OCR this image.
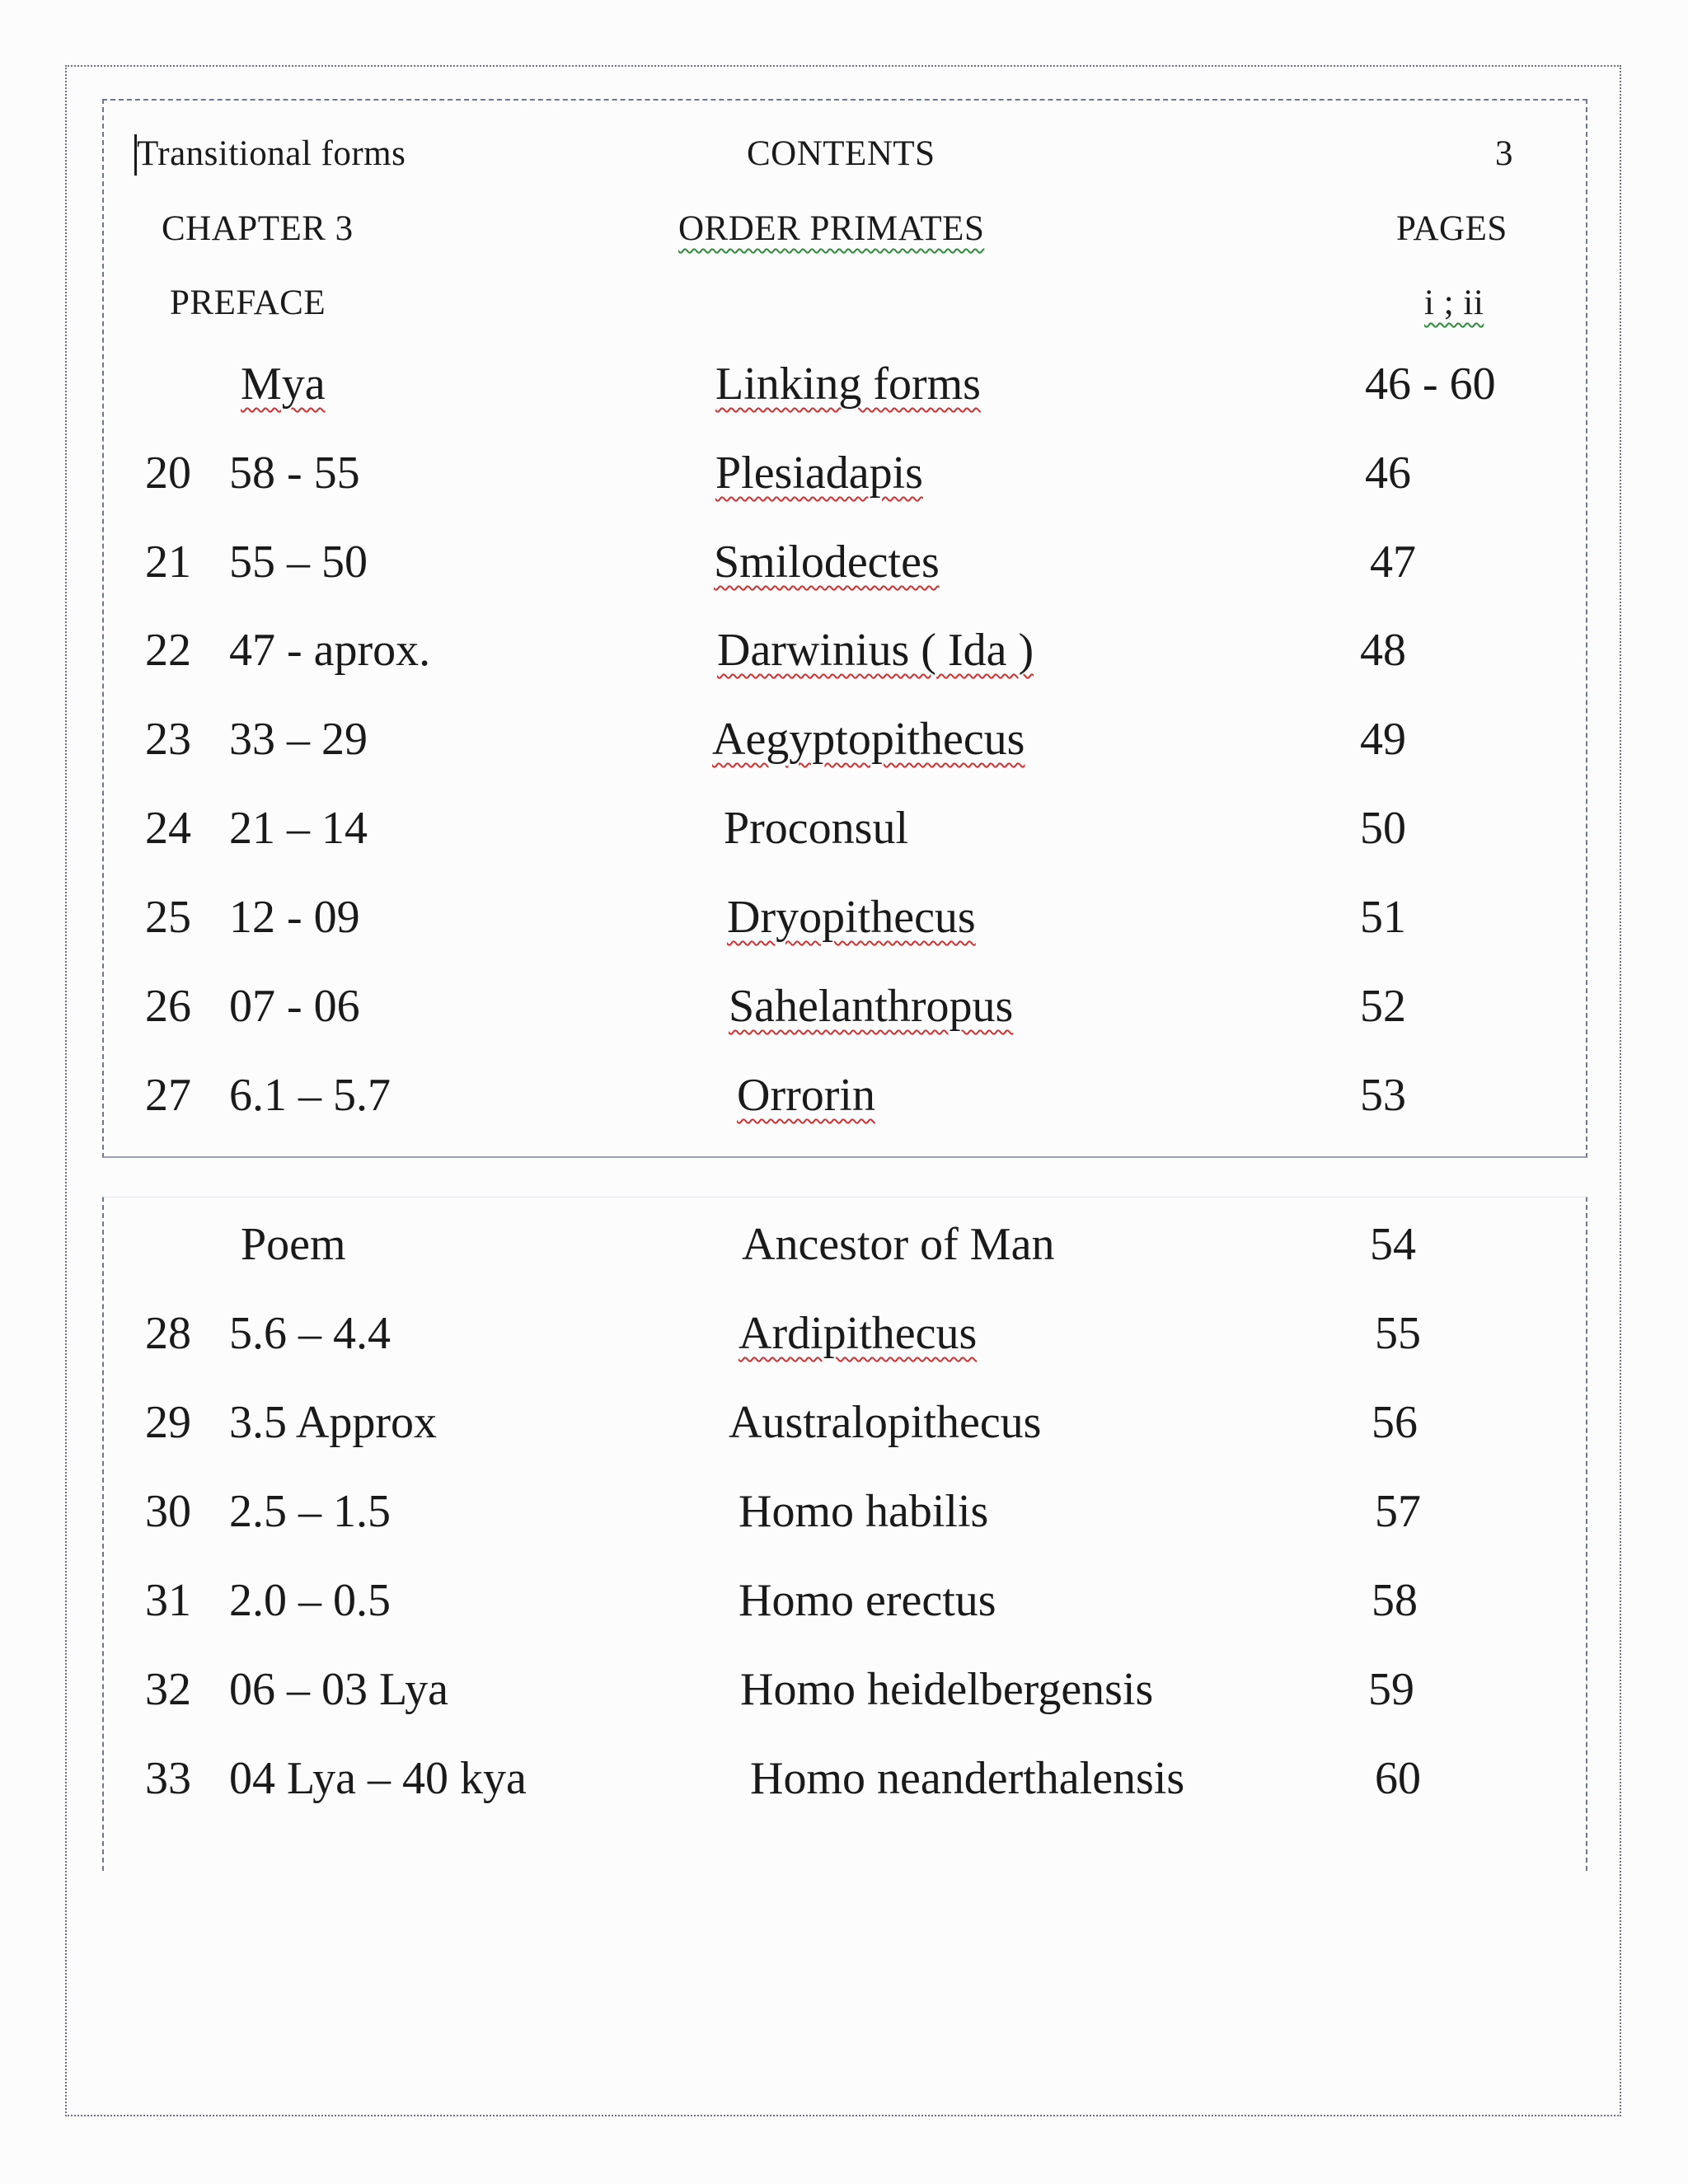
Transitional forms	CONTENTS	3
CHAPTER 3	ORDER PRIMATES	PAGES
PREFACE	i ; ii
Mya	Linking forms	46 - 60
20 58 - 55	Plesiadapis	46
21 55 – 50	Smilodectes	47
22 47 - aprox.	Darwinius ( Ida )	48
23 33 – 29	Aegyptopithecus	49
24 21 – 14	Proconsul	50
25 12 - 09	Dryopithecus	51
26 07 - 06	Sahelanthropus	52
27 6.1 – 5.7	Orrorin	53
Poem	Ancestor of Man	54
28 5.6 – 4.4	Ardipithecus	55
29 3.5 Approx	Australopithecus	56
30 2.5 – 1.5	Homo habilis	57
31 2.0 – 0.5	Homo erectus	58
32 06 – 03 Lya	Homo heidelbergensis	59
33 04 Lya – 40 kya	Homo neanderthalensis	60
